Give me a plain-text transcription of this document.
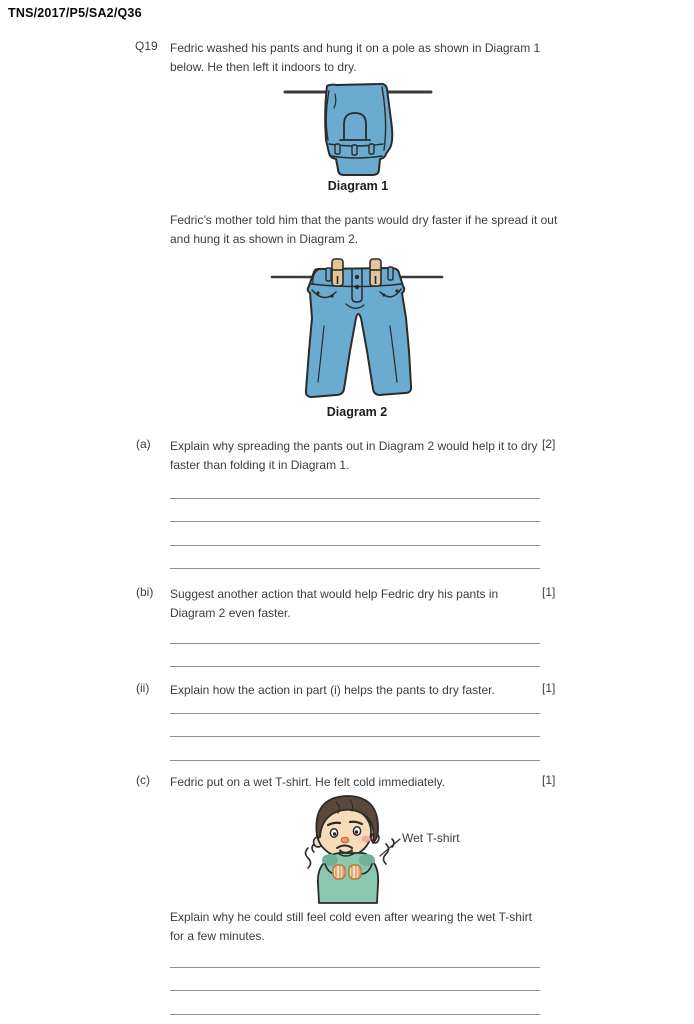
TNS/2017/P5/SA2/Q36
Q19 Fedric washed his pants and hung it on a pole as shown in Diagram 1 below. He then left it indoors to dry.
Diagram 1
Fedric’s mother told him that the pants would dry faster if he spread it out and hung it as shown in Diagram 2.
Diagram 2
(a) Explain why spreading the pants out in Diagram 2 would help it to dry faster than folding it in Diagram 1.
[2]
(bi) Suggest another action that would help Fedric dry his pants in Diagram 2 even faster.
[1]
(ii) Explain how the action in part (i) helps the pants to dry faster.	[1]
(c) Fedric put on a wet T-shirt. He felt cold immediately.	[1]
Wet T-shirt
Explain why he could still feel cold even after wearing the wet T-shirt for a few minutes.
